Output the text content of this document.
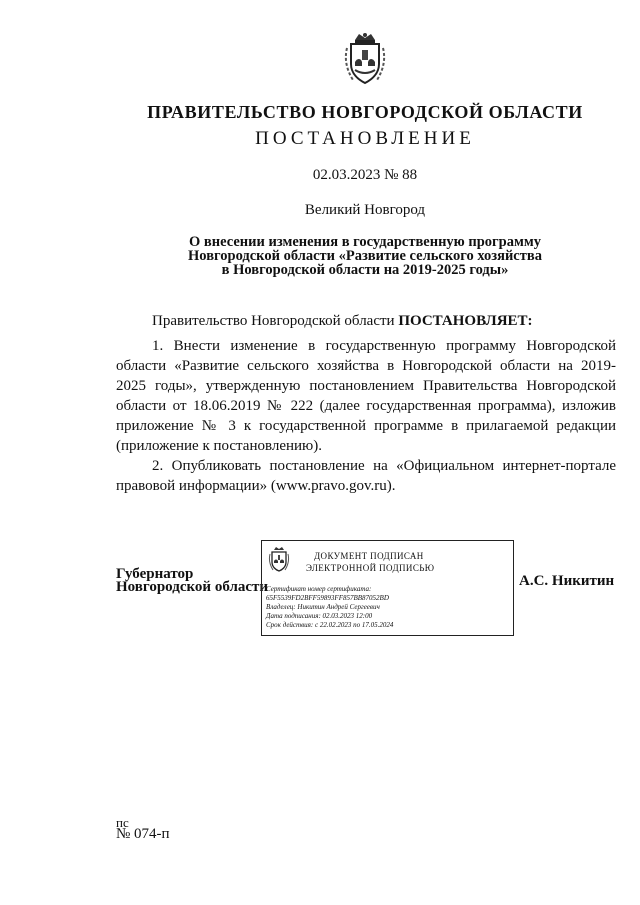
ПРАВИТЕЛЬСТВО НОВГОРОДСКОЙ ОБЛАСТИ
ПОСТАНОВЛЕНИЕ
02.03.2023 № 88
Великий Новгород
О внесении изменения в государственную программу
Новгородской области «Развитие сельского хозяйства
в Новгородской области на 2019-2025 годы»
Правительство Новгородской области ПОСТАНОВЛЯЕТ:
1. Внести изменение в государственную программу Новгородской
области «Развитие сельского хозяйства в Новгородской области на 2019-
2025 годы», утвержденную постановлением Правительства Новгородской
области от 18.06.2019 № 222 (далее государственная программа), изложив
приложение № 3 к государственной программе в прилагаемой редакции
(приложение к постановлению).
2. Опубликовать постановление на «Официальном интернет-портале
правовой информации» (www.pravo.gov.ru).
Губернатор
Новгородской области
ДОКУМЕНТ ПОДПИСАН
ЭЛЕКТРОННОЙ ПОДПИСЬЮ
Сертификат номер сертификата:
65F5539FD2BFF59893FF857BB87052BD
Владелец: Никитин Андрей Сергеевич
Дата подписания: 02.03.2023 12:00
Срок действия: с 22.02.2023 по 17.05.2024
А.С. Никитин
пс
№ 074-п
